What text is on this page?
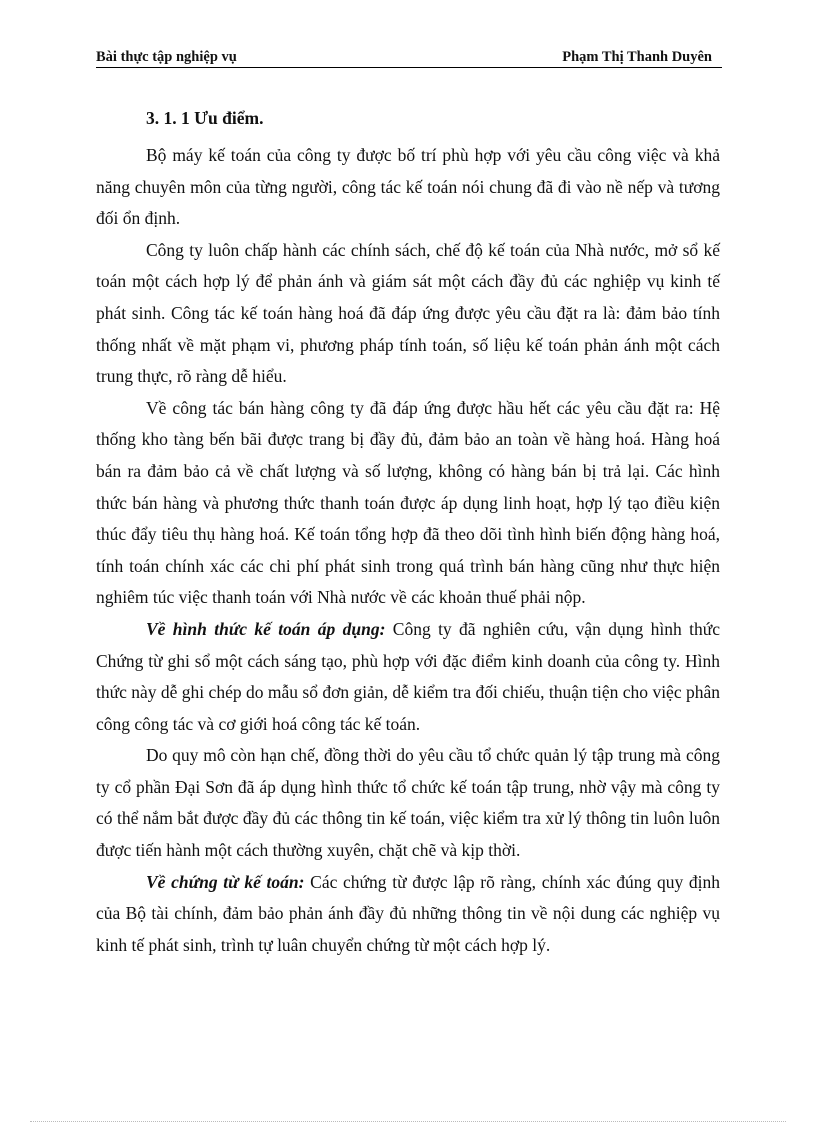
Bài thực tập nghiệp vụ	Phạm Thị Thanh Duyên
3. 1. 1 Ưu điểm.

Bộ máy kế toán của công ty được bố trí phù hợp với yêu cầu công việc và khả năng chuyên môn của từng người, công tác kế toán nói chung đã đi vào nề nếp và tương đối ổn định.

Công ty luôn chấp hành các chính sách, chế độ kế toán của Nhà nước, mở sổ kế toán một cách hợp lý để phản ánh và giám sát một cách đầy đủ các nghiệp vụ kinh tế phát sinh. Công tác kế toán hàng hoá đã đáp ứng được yêu cầu đặt ra là: đảm bảo tính thống nhất về mặt phạm vi, phương pháp tính toán, số liệu kế toán phản ánh một cách trung thực, rõ ràng dễ hiểu.

Về công tác bán hàng công ty đã đáp ứng được hầu hết các yêu cầu đặt ra: Hệ thống kho tàng bến bãi được trang bị đầy đủ, đảm bảo an toàn về hàng hoá. Hàng hoá bán ra đảm bảo cả về chất lượng và số lượng, không có hàng bán bị trả lại. Các hình thức bán hàng và phương thức thanh toán được áp dụng linh hoạt, hợp lý tạo điều kiện thúc đẩy tiêu thụ hàng hoá. Kế toán tổng hợp đã theo dõi tình hình biến động hàng hoá, tính toán chính xác các chi phí phát sinh trong quá trình bán hàng cũng như thực hiện nghiêm túc việc thanh toán với Nhà nước về các khoản thuế phải nộp.

Về hình thức kế toán áp dụng: Công ty đã nghiên cứu, vận dụng hình thức Chứng từ ghi sổ một cách sáng tạo, phù hợp với đặc điểm kinh doanh của công ty. Hình thức này dễ ghi chép do mẫu sổ đơn giản, dễ kiểm tra đối chiếu, thuận tiện cho việc phân công công tác và cơ giới hoá công tác kế toán.

Do quy mô còn hạn chế, đồng thời do yêu cầu tổ chức quản lý tập trung mà công ty cổ phần Đại Sơn đã áp dụng hình thức tổ chức kế toán tập trung, nhờ vậy mà công ty có thể nắm bắt được đầy đủ các thông tin kế toán, việc kiểm tra xử lý thông tin luôn luôn được tiến hành một cách thường xuyên, chặt chẽ và kịp thời.

Về chứng từ kế toán: Các chứng từ được lập rõ ràng, chính xác đúng quy định của Bộ tài chính, đảm bảo phản ánh đầy đủ những thông tin về nội dung các nghiệp vụ kinh tế phát sinh, trình tự luân chuyển chứng từ một cách hợp lý.
